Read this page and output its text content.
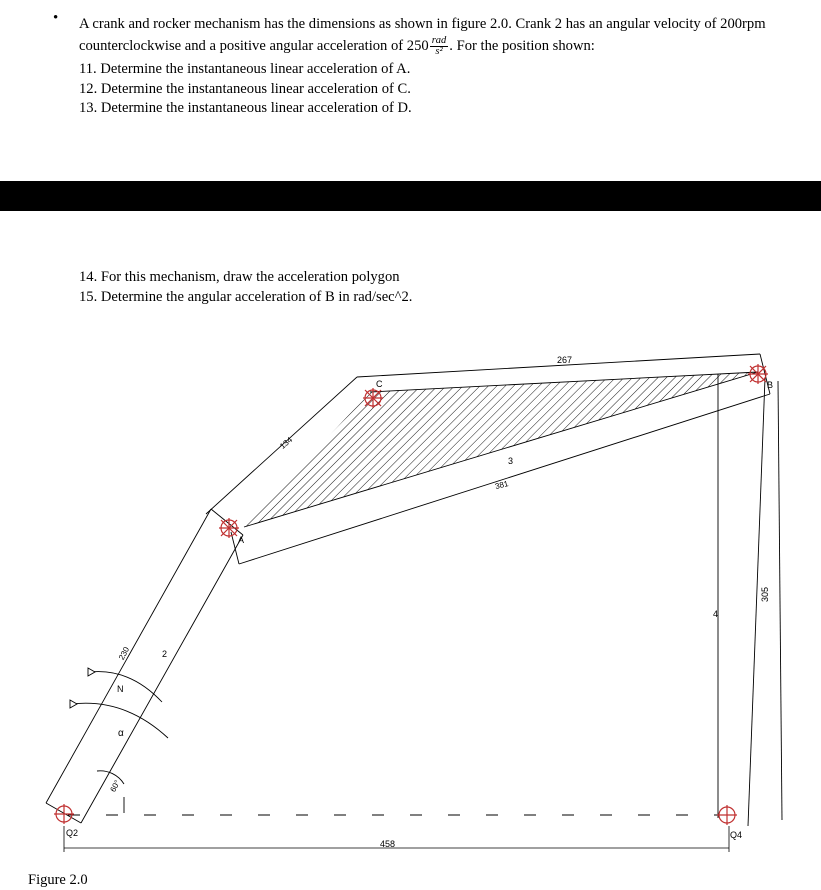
• A crank and rocker mechanism has the dimensions as shown in figure 2.0. Crank 2 has an angular velocity of 200rpm counterclockwise and a positive angular acceleration of $250 \frac{\text{rad}}{\text{s²}}$ . For the position shown:
11. Determine the instantaneous linear acceleration of A.
12. Determine the instantaneous linear acceleration of C.
13. Determine the instantaneous linear acceleration of D.
14. For this mechanism, draw the acceleration polygon
15. Determine the angular acceleration of B in rad/sec^2.
267
134
381
305
230
458
60°
A
B
C
Q2	Q4
2
3
4
N
α
Figure 2.0
